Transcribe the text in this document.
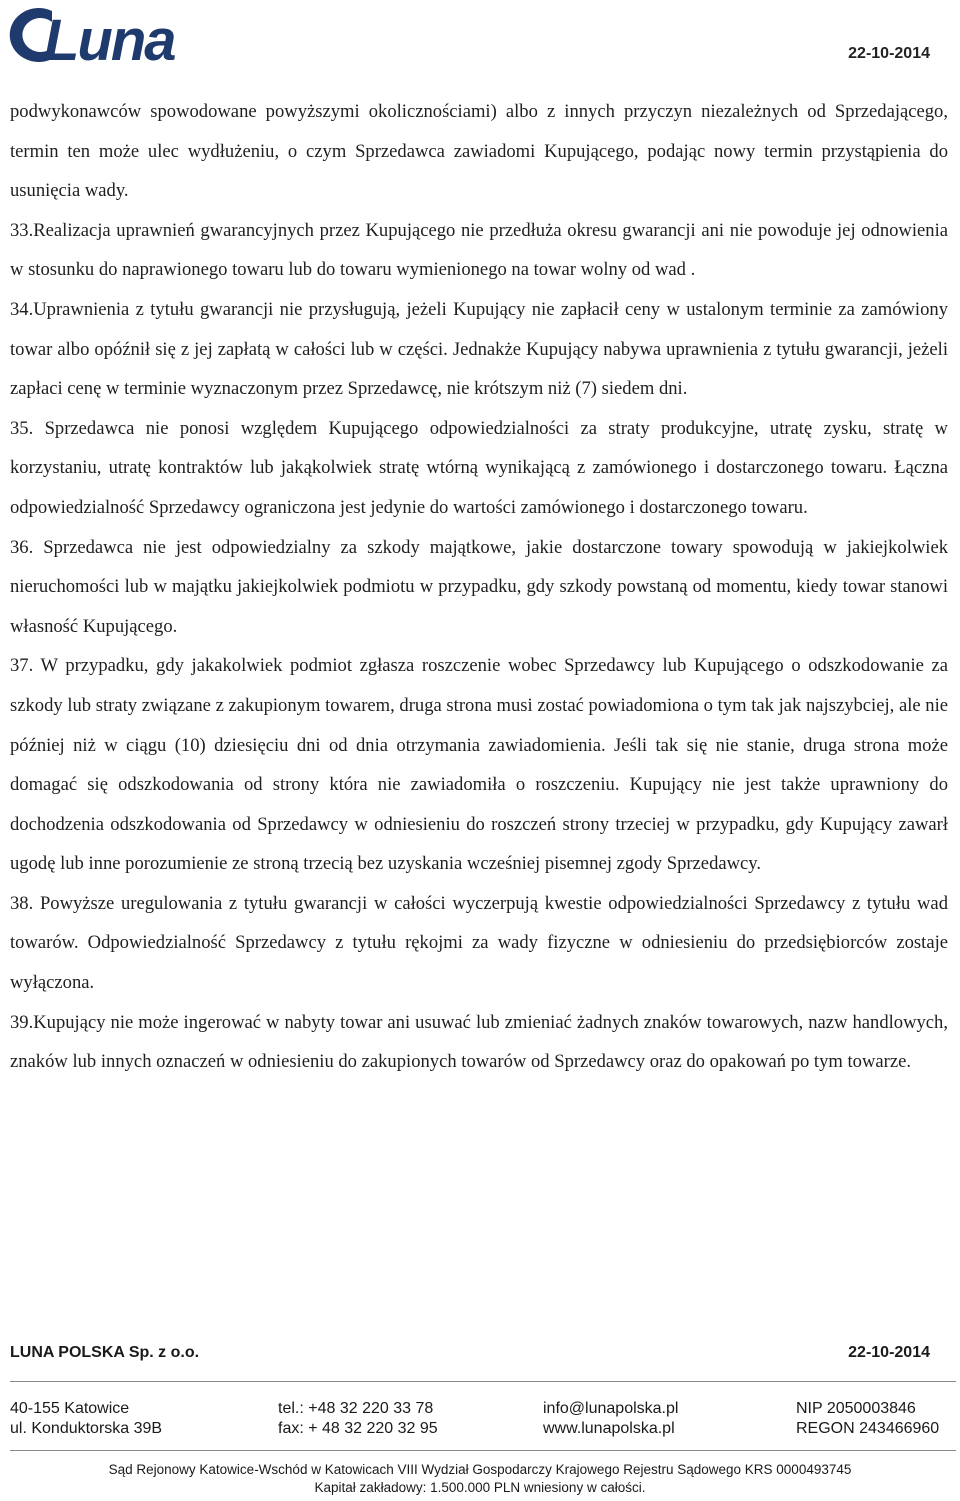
Luna	22-10-2014

podwykonawców spowodowane powyższymi okolicznościami) albo z innych przyczyn niezależnych od Sprzedającego, termin ten może ulec wydłużeniu, o czym Sprzedawca zawiadomi Kupującego, podając nowy termin przystąpienia do usunięcia wady.

33.Realizacja uprawnień gwarancyjnych przez Kupującego nie przedłuża okresu gwarancji ani nie powoduje jej odnowienia w stosunku do naprawionego towaru lub do towaru wymienionego na towar wolny od wad .

34.Uprawnienia z tytułu gwarancji nie przysługują, jeżeli Kupujący nie zapłacił ceny w ustalonym terminie za zamówiony towar albo opóźnił się z jej zapłatą w całości lub w części. Jednakże Kupujący nabywa uprawnienia z tytułu gwarancji, jeżeli zapłaci cenę w terminie wyznaczonym przez Sprzedawcę, nie krótszym niż (7) siedem dni.

35. Sprzedawca nie ponosi względem Kupującego odpowiedzialności za straty produkcyjne, utratę zysku, stratę w korzystaniu, utratę kontraktów lub jakąkolwiek stratę wtórną wynikającą z zamówionego i dostarczonego towaru. Łączna odpowiedzialność Sprzedawcy ograniczona jest jedynie do wartości zamówionego i dostarczonego towaru.

36. Sprzedawca nie jest odpowiedzialny za szkody majątkowe, jakie dostarczone towary spowodują w jakiejkolwiek nieruchomości lub w majątku jakiejkolwiek podmiotu w przypadku, gdy szkody powstaną od momentu, kiedy towar stanowi własność Kupującego.

37. W przypadku, gdy jakakolwiek podmiot zgłasza roszczenie wobec Sprzedawcy lub Kupującego o odszkodowanie za szkody lub straty związane z zakupionym towarem, druga strona musi zostać powiadomiona o tym tak jak najszybciej, ale nie później niż w ciągu (10) dziesięciu dni od dnia otrzymania zawiadomienia. Jeśli tak się nie stanie, druga strona może domagać się odszkodowania od strony która nie zawiadomiła o roszczeniu. Kupujący nie jest także uprawniony do dochodzenia odszkodowania od Sprzedawcy w odniesieniu do roszczeń strony trzeciej w przypadku, gdy Kupujący zawarł ugodę lub inne porozumienie ze stroną trzecią bez uzyskania wcześniej pisemnej zgody Sprzedawcy.

38. Powyższe uregulowania z tytułu gwarancji w całości wyczerpują kwestie odpowiedzialności Sprzedawcy z tytułu wad towarów. Odpowiedzialność Sprzedawcy z tytułu rękojmi za wady fizyczne w odniesieniu do przedsiębiorców zostaje wyłączona.

39.Kupujący nie może ingerować w nabyty towar ani usuwać lub zmieniać żadnych znaków towarowych, nazw handlowych, znaków lub innych oznaczeń w odniesieniu do zakupionych towarów od Sprzedawcy oraz do opakowań po tym towarze.

LUNA POLSKA Sp. z o.o.	22-10-2014
40-155 Katowice
ul. Konduktorska 39B
tel.: +48 32 220 33 78
fax: + 48 32 220 32 95
info@lunapolska.pl
www.lunapolska.pl
NIP 2050003846
REGON 243466960
Sąd Rejonowy Katowice-Wschód w Katowicach VIII Wydział Gospodarczy Krajowego Rejestru Sądowego KRS 0000493745
Kapitał zakładowy: 1.500.000 PLN wniesiony w całości.
